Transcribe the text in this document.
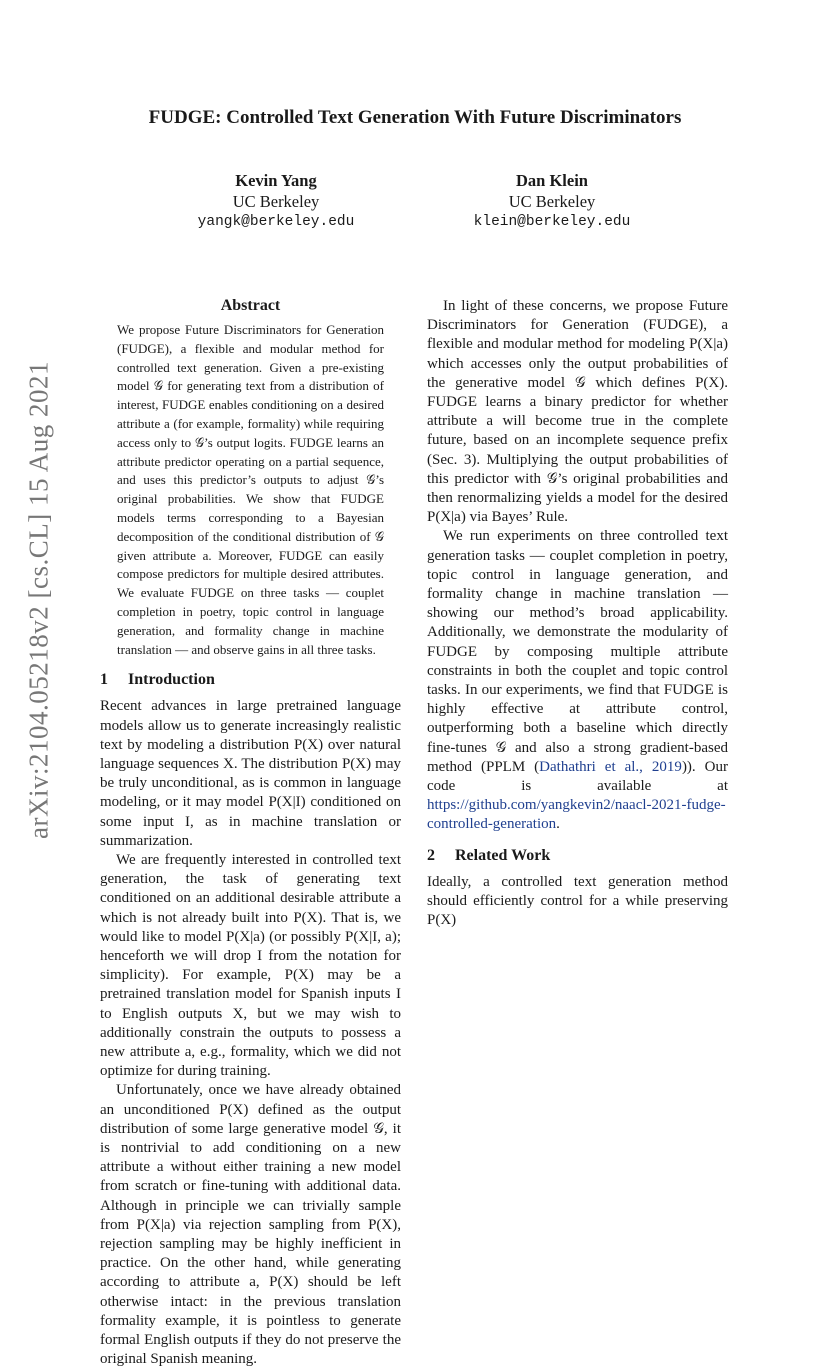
arXiv:2104.05218v2 [cs.CL] 15 Aug 2021
FUDGE: Controlled Text Generation With Future Discriminators
Kevin Yang
UC Berkeley
yangk@berkeley.edu
Dan Klein
UC Berkeley
klein@berkeley.edu
Abstract

We propose Future Discriminators for Generation (FUDGE), a flexible and modular method for controlled text generation. Given a pre-existing model 𝒢 for generating text from a distribution of interest, FUDGE enables conditioning on a desired attribute a (for example, formality) while requiring access only to 𝒢’s output logits. FUDGE learns an attribute predictor operating on a partial sequence, and uses this predictor’s outputs to adjust 𝒢’s original probabilities. We show that FUDGE models terms corresponding to a Bayesian decomposition of the conditional distribution of 𝒢 given attribute a. Moreover, FUDGE can easily compose predictors for multiple desired attributes. We evaluate FUDGE on three tasks — couplet completion in poetry, topic control in language generation, and formality change in machine translation — and observe gains in all three tasks.

1 Introduction

Recent advances in large pretrained language models allow us to generate increasingly realistic text by modeling a distribution P(X) over natural language sequences X. The distribution P(X) may be truly unconditional, as is common in language modeling, or it may model P(X|I) conditioned on some input I, as in machine translation or summarization.

We are frequently interested in controlled text generation, the task of generating text conditioned on an additional desirable attribute a which is not already built into P(X). That is, we would like to model P(X|a) (or possibly P(X|I, a); henceforth we will drop I from the notation for simplicity). For example, P(X) may be a pretrained translation model for Spanish inputs I to English outputs X, but we may wish to additionally constrain the outputs to possess a new attribute a, e.g., formality, which we did not optimize for during training.

Unfortunately, once we have already obtained an unconditioned P(X) defined as the output distribution of some large generative model 𝒢, it is nontrivial to add conditioning on a new attribute a without either training a new model from scratch or fine-tuning with additional data. Although in principle we can trivially sample from P(X|a) via rejection sampling from P(X), rejection sampling may be highly inefficient in practice. On the other hand, while generating according to attribute a, P(X) should be left otherwise intact: in the previous translation formality example, it is pointless to generate formal English outputs if they do not preserve the original Spanish meaning.

In light of these concerns, we propose Future Discriminators for Generation (FUDGE), a flexible and modular method for modeling P(X|a) which accesses only the output probabilities of the generative model 𝒢 which defines P(X). FUDGE learns a binary predictor for whether attribute a will become true in the complete future, based on an incomplete sequence prefix (Sec. 3). Multiplying the output probabilities of this predictor with 𝒢’s original probabilities and then renormalizing yields a model for the desired P(X|a) via Bayes’ Rule.

We run experiments on three controlled text generation tasks — couplet completion in poetry, topic control in language generation, and formality change in machine translation — showing our method’s broad applicability. Additionally, we demonstrate the modularity of FUDGE by composing multiple attribute constraints in both the couplet and topic control tasks. In our experiments, we find that FUDGE is highly effective at attribute control, outperforming both a baseline which directly fine-tunes 𝒢 and also a strong gradient-based method (PPLM (Dathathri et al., 2019)). Our code is available at https://github.com/yangkevin2/naacl-2021-fudge-controlled-generation.

2 Related Work

Ideally, a controlled text generation method should efficiently control for a while preserving P(X)
